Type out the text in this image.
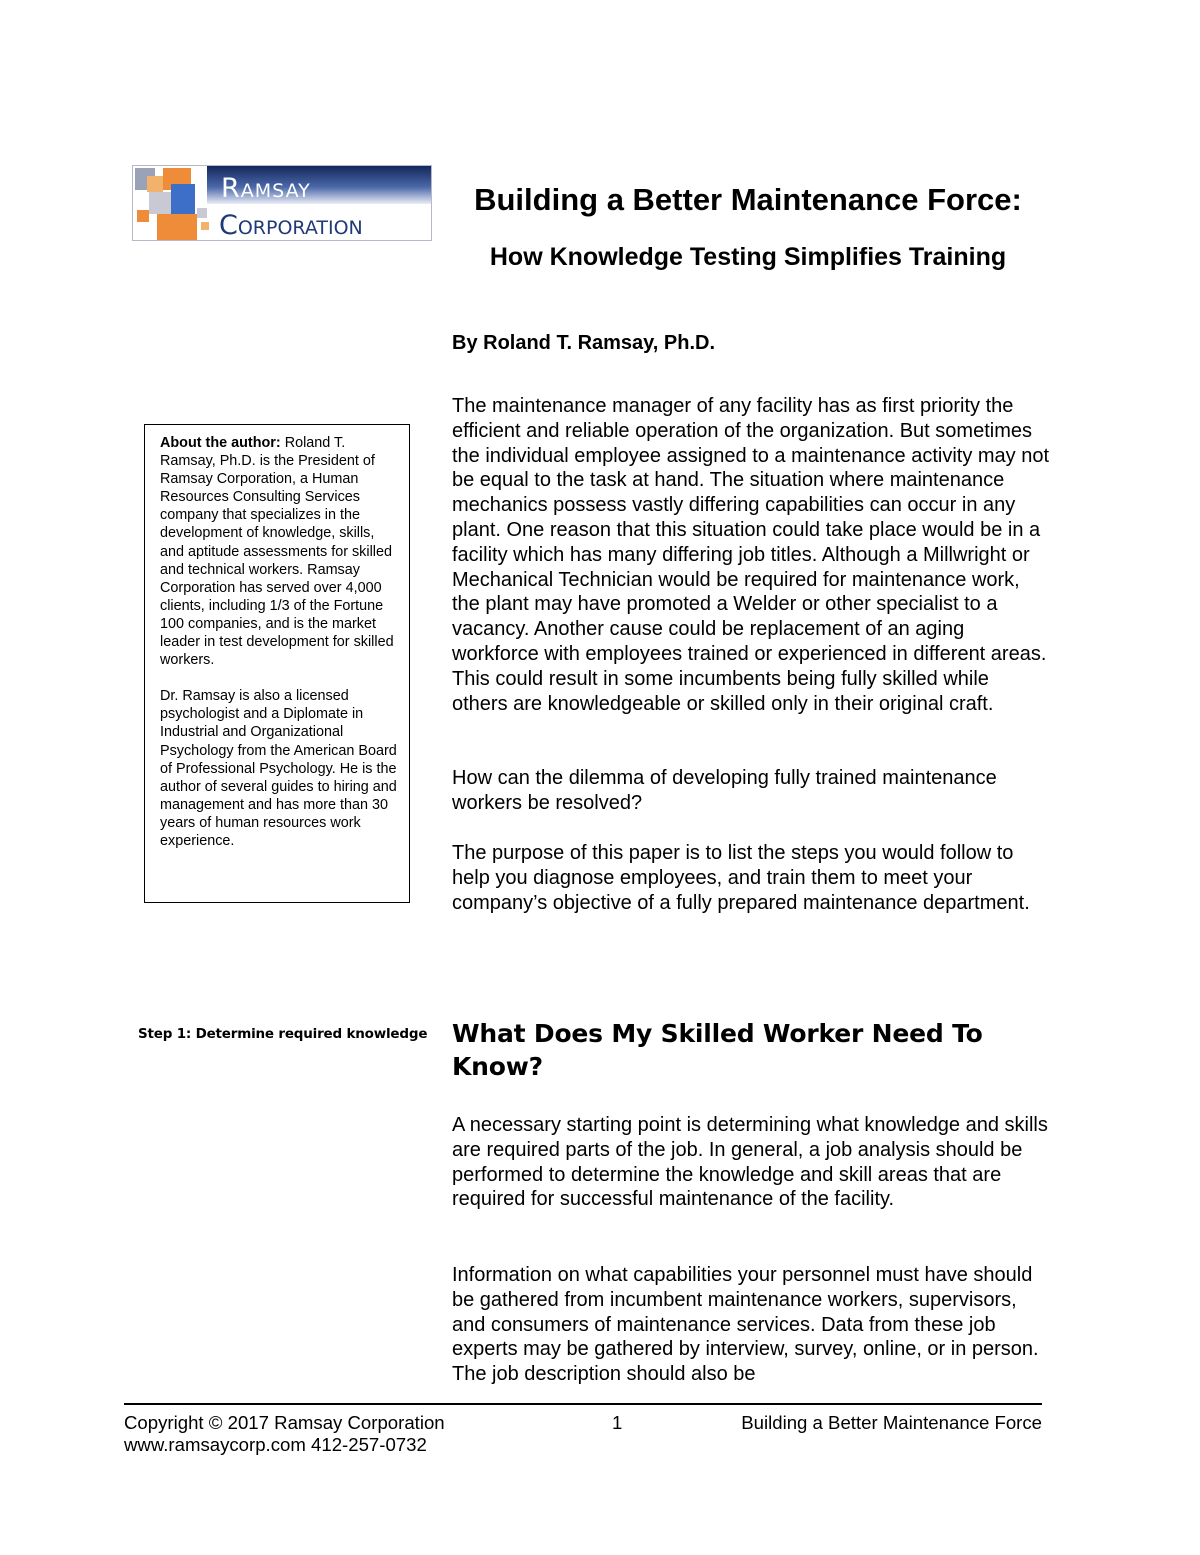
Ramsay
Corporation
Building a Better Maintenance Force:
How Knowledge Testing Simplifies Training

By Roland T. Ramsay, Ph.D.

The maintenance manager of any facility has as first priority the efficient and reliable operation of the organization. But sometimes the individual employee assigned to a maintenance activity may not be equal to the task at hand. The situation where maintenance mechanics possess vastly differing capabilities can occur in any plant. One reason that this situation could take place would be in a facility which has many differing job titles. Although a Millwright or Mechanical Technician would be required for maintenance work, the plant may have promoted a Welder or other specialist to a vacancy. Another cause could be replacement of an aging workforce with employees trained or experienced in different areas. This could result in some incumbents being fully skilled while others are knowledgeable or skilled only in their original craft.

How can the dilemma of developing fully trained maintenance workers be resolved?

The purpose of this paper is to list the steps you would follow to help you diagnose employees, and train them to meet your company’s objective of a fully prepared maintenance department.

About the author: Roland T. Ramsay, Ph.D. is the President of Ramsay Corporation, a Human Resources Consulting Services company that specializes in the development of knowledge, skills, and aptitude assessments for skilled and technical workers. Ramsay Corporation has served over 4,000 clients, including 1/3 of the Fortune 100 companies, and is the market leader in test development for skilled workers.

Dr. Ramsay is also a licensed psychologist and a Diplomate in Industrial and Organizational Psychology from the American Board of Professional Psychology. He is the author of several guides to hiring and management and has more than 30 years of human resources work experience.

Step 1: Determine required knowledge What Does My Skilled Worker Need To Know?

A necessary starting point is determining what knowledge and skills are required parts of the job. In general, a job analysis should be performed to determine the knowledge and skill areas that are required for successful maintenance of the facility.

Information on what capabilities your personnel must have should be gathered from incumbent maintenance workers, supervisors, and consumers of maintenance services. Data from these job experts may be gathered by interview, survey, online, or in person. The job description should also be

Copyright © 2017 Ramsay Corporation
www.ramsaycorp.com 412-257-0732
1	Building a Better Maintenance Force
